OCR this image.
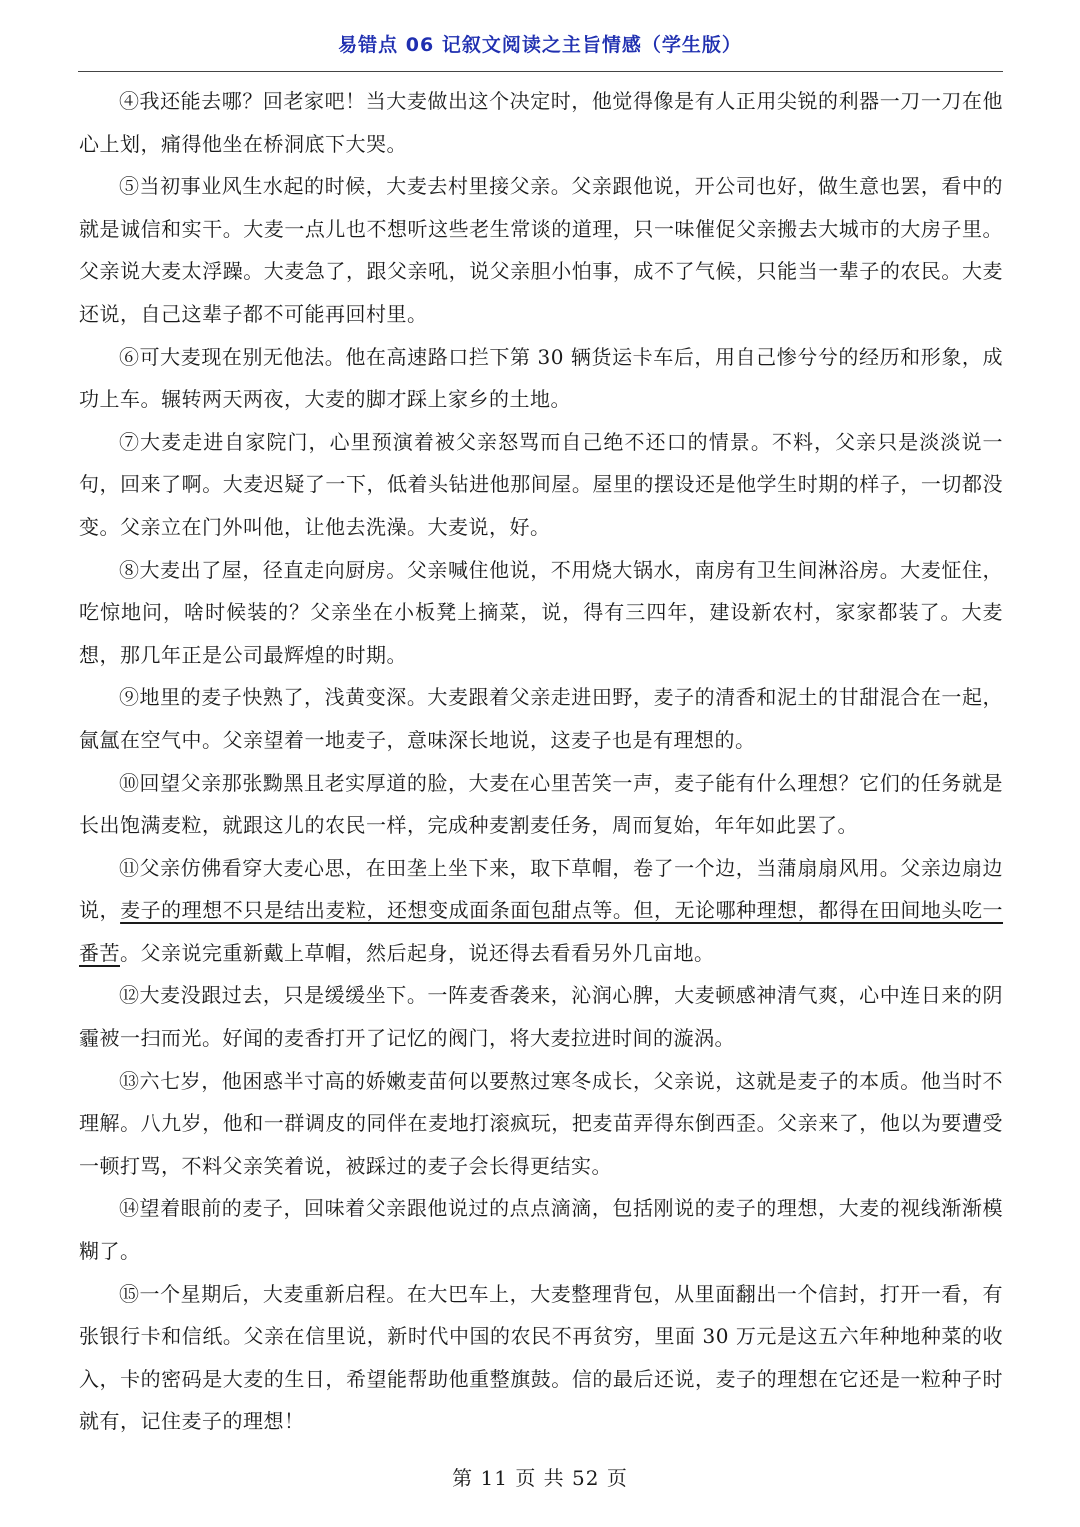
易错点 06 记叙文阅读之主旨情感（学生版）

④我还能去哪？回老家吧！当大麦做出这个决定时，他觉得像是有人正用尖锐的利器一刀一刀在他心上划，痛得他坐在桥洞底下大哭。

⑤当初事业风生水起的时候，大麦去村里接父亲。父亲跟他说，开公司也好，做生意也罢，看中的就是诚信和实干。大麦一点儿也不想听这些老生常谈的道理，只一味催促父亲搬去大城市的大房子里。父亲说大麦太浮躁。大麦急了，跟父亲吼，说父亲胆小怕事，成不了气候，只能当一辈子的农民。大麦还说，自己这辈子都不可能再回村里。

⑥可大麦现在别无他法。他在高速路口拦下第 30 辆货运卡车后，用自己惨兮兮的经历和形象，成功上车。辗转两天两夜，大麦的脚才踩上家乡的土地。

⑦大麦走进自家院门，心里预演着被父亲怒骂而自己绝不还口的情景。不料，父亲只是淡淡说一句，回来了啊。大麦迟疑了一下，低着头钻进他那间屋。屋里的摆设还是他学生时期的样子，一切都没变。父亲立在门外叫他，让他去洗澡。大麦说，好。

⑧大麦出了屋，径直走向厨房。父亲喊住他说，不用烧大锅水，南房有卫生间淋浴房。大麦怔住，吃惊地问，啥时候装的？父亲坐在小板凳上摘菜，说，得有三四年，建设新农村，家家都装了。大麦想，那几年正是公司最辉煌的时期。

⑨地里的麦子快熟了，浅黄变深。大麦跟着父亲走进田野，麦子的清香和泥土的甘甜混合在一起，氤氲在空气中。父亲望着一地麦子，意味深长地说，这麦子也是有理想的。

⑩回望父亲那张黝黑且老实厚道的脸，大麦在心里苦笑一声，麦子能有什么理想？它们的任务就是长出饱满麦粒，就跟这儿的农民一样，完成种麦割麦任务，周而复始，年年如此罢了。

⑪父亲仿佛看穿大麦心思，在田垄上坐下来，取下草帽，卷了一个边，当蒲扇扇风用。父亲边扇边说，麦子的理想不只是结出麦粒，还想变成面条面包甜点等。但，无论哪种理想，都得在田间地头吃一番苦。父亲说完重新戴上草帽，然后起身，说还得去看看另外几亩地。

⑫大麦没跟过去，只是缓缓坐下。一阵麦香袭来，沁润心脾，大麦顿感神清气爽，心中连日来的阴霾被一扫而光。好闻的麦香打开了记忆的阀门，将大麦拉进时间的漩涡。

⑬六七岁，他困惑半寸高的娇嫩麦苗何以要熬过寒冬成长，父亲说，这就是麦子的本质。他当时不理解。八九岁，他和一群调皮的同伴在麦地打滚疯玩，把麦苗弄得东倒西歪。父亲来了，他以为要遭受一顿打骂，不料父亲笑着说，被踩过的麦子会长得更结实。

⑭望着眼前的麦子，回味着父亲跟他说过的点点滴滴，包括刚说的麦子的理想，大麦的视线渐渐模糊了。

⑮一个星期后，大麦重新启程。在大巴车上，大麦整理背包，从里面翻出一个信封，打开一看，有张银行卡和信纸。父亲在信里说，新时代中国的农民不再贫穷，里面 30 万元是这五六年种地种菜的收入，卡的密码是大麦的生日，希望能帮助他重整旗鼓。信的最后还说，麦子的理想在它还是一粒种子时就有，记住麦子的理想！

第 11 页 共 52 页
